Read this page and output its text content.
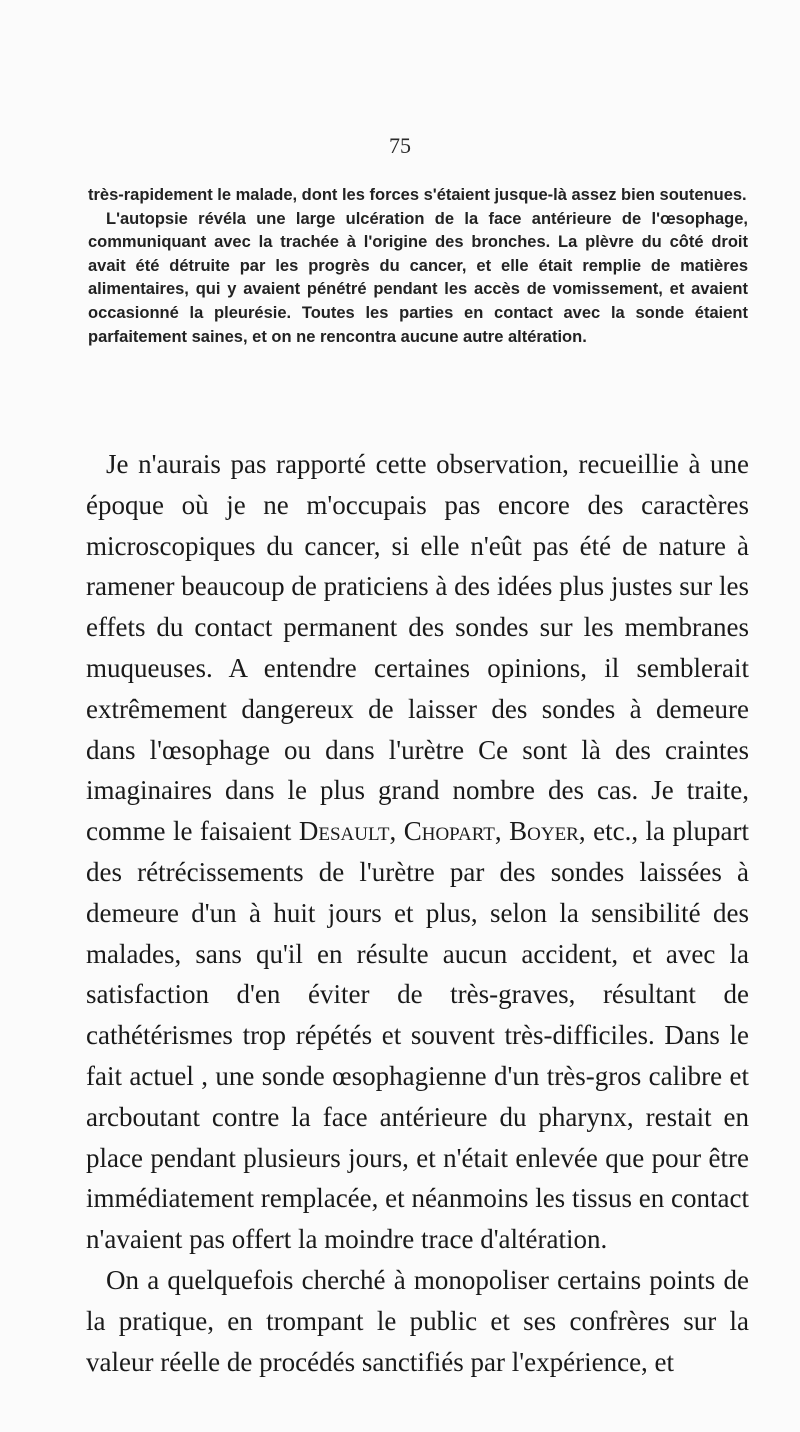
75

très-rapidement le malade, dont les forces s'étaient jusque-là assez bien soutenues.

L'autopsie révéla une large ulcération de la face antérieure de l'œsophage, communiquant avec la trachée à l'origine des bronches. La plèvre du côté droit avait été détruite par les progrès du cancer, et elle était remplie de matières alimentaires, qui y avaient pénétré pendant les accès de vomissement, et avaient occasionné la pleurésie. Toutes les parties en contact avec la sonde étaient parfaitement saines, et on ne rencontra aucune autre altération.

Je n'aurais pas rapporté cette observation, recueillie à une époque où je ne m'occupais pas encore des caractères microscopiques du cancer, si elle n'eût pas été de nature à ramener beaucoup de praticiens à des idées plus justes sur les effets du contact permanent des sondes sur les membranes muqueuses. A entendre certaines opinions, il semblerait extrêmement dangereux de laisser des sondes à demeure dans l'œsophage ou dans l'urètre Ce sont là des craintes imaginaires dans le plus grand nombre des cas. Je traite, comme le faisaient Desault, Chopart, Boyer, etc., la plupart des rétrécissements de l'urètre par des sondes laissées à demeure d'un à huit jours et plus, selon la sensibilité des malades, sans qu'il en résulte aucun accident, et avec la satisfaction d'en éviter de très-graves, résultant de cathétérismes trop répétés et souvent très-difficiles. Dans le fait actuel , une sonde œsophagienne d'un très-gros calibre et arcboutant contre la face antérieure du pharynx, restait en place pendant plusieurs jours, et n'était enlevée que pour être immédiatement remplacée, et néanmoins les tissus en contact n'avaient pas offert la moindre trace d'altération.

On a quelquefois cherché à monopoliser certains points de la pratique, en trompant le public et ses confrères sur la valeur réelle de procédés sanctifiés par l'expérience, et
